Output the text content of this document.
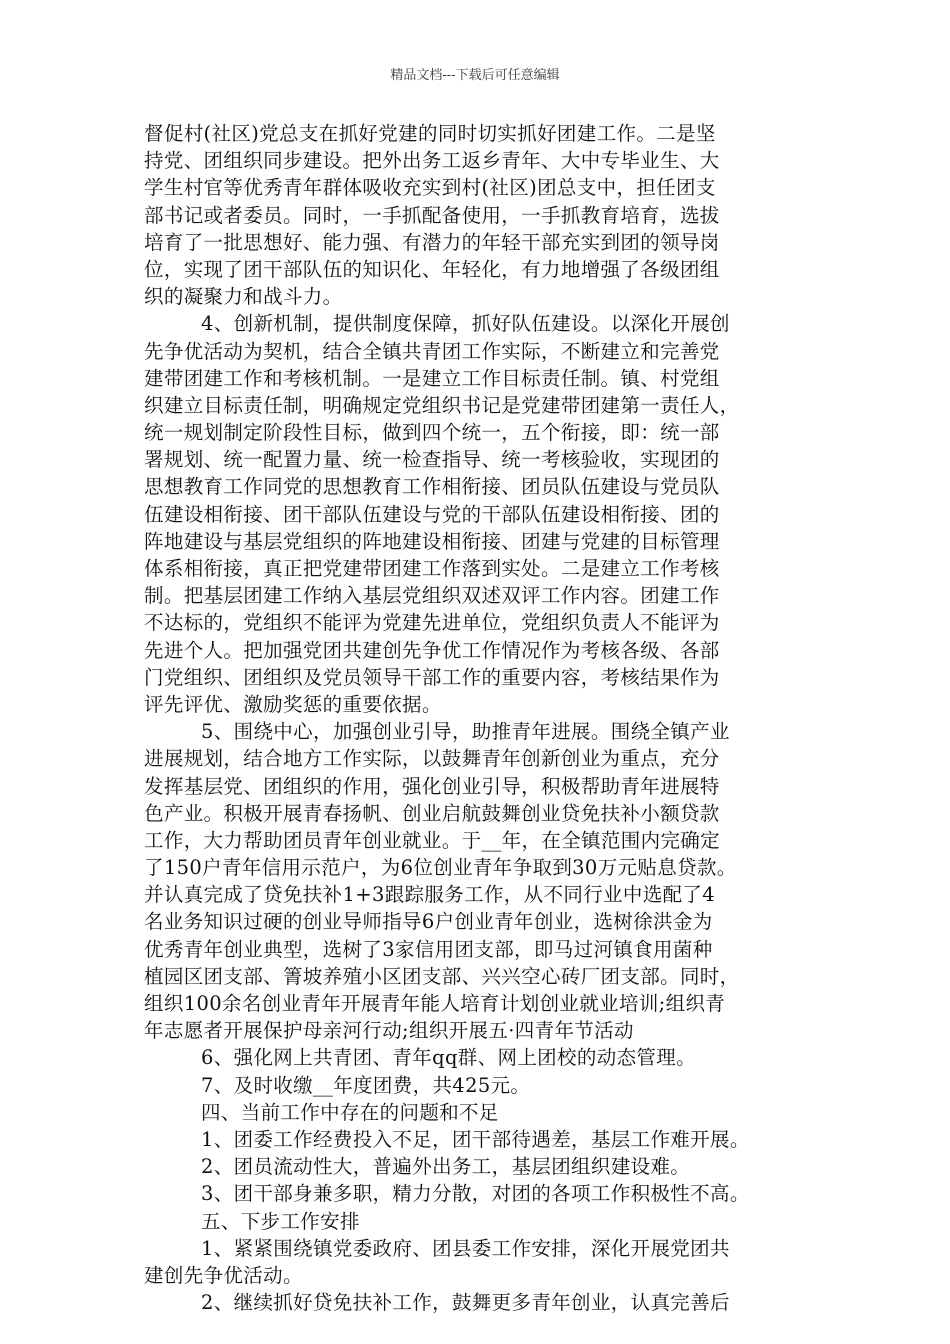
精品文档---下载后可任意编辑
督促村(社区)党总支在抓好党建的同时切实抓好团建工作。二是坚
持党、团组织同步建设。把外出务工返乡青年、大中专毕业生、大
学生村官等优秀青年群体吸收充实到村(社区)团总支中，担任团支
部书记或者委员。同时，一手抓配备使用，一手抓教育培育，选拔
培育了一批思想好、能力强、有潜力的年轻干部充实到团的领导岗
位，实现了团干部队伍的知识化、年轻化，有力地增强了各级团组
织的凝聚力和战斗力。
4、创新机制，提供制度保障，抓好队伍建设。以深化开展创
先争优活动为契机，结合全镇共青团工作实际，不断建立和完善党
建带团建工作和考核机制。一是建立工作目标责任制。镇、村党组
织建立目标责任制，明确规定党组织书记是党建带团建第一责任人，
统一规划制定阶段性目标，做到四个统一，五个衔接，即：统一部
署规划、统一配置力量、统一检查指导、统一考核验收，实现团的
思想教育工作同党的思想教育工作相衔接、团员队伍建设与党员队
伍建设相衔接、团干部队伍建设与党的干部队伍建设相衔接、团的
阵地建设与基层党组织的阵地建设相衔接、团建与党建的目标管理
体系相衔接，真正把党建带团建工作落到实处。二是建立工作考核
制。把基层团建工作纳入基层党组织双述双评工作内容。团建工作
不达标的，党组织不能评为党建先进单位，党组织负责人不能评为
先进个人。把加强党团共建创先争优工作情况作为考核各级、各部
门党组织、团组织及党员领导干部工作的重要内容，考核结果作为
评先评优、激励奖惩的重要依据。
5、围绕中心，加强创业引导，助推青年进展。围绕全镇产业
进展规划，结合地方工作实际，以鼓舞青年创新创业为重点，充分
发挥基层党、团组织的作用，强化创业引导，积极帮助青年进展特
色产业。积极开展青春扬帆、创业启航鼓舞创业贷免扶补小额贷款
工作，大力帮助团员青年创业就业。于__年，在全镇范围内完确定
了150户青年信用示范户，为6位创业青年争取到30万元贴息贷款。
并认真完成了贷免扶补1+3跟踪服务工作，从不同行业中选配了4
名业务知识过硬的创业导师指导6户创业青年创业，选树徐洪金为
优秀青年创业典型，选树了3家信用团支部，即马过河镇食用菌种
植园区团支部、箐坡养殖小区团支部、兴兴空心砖厂团支部。同时，
组织100余名创业青年开展青年能人培育计划创业就业培训;组织青
年志愿者开展保护母亲河行动;组织开展五·四青年节活动
6、强化网上共青团、青年qq群、网上团校的动态管理。
7、及时收缴__年度团费，共425元。
四、当前工作中存在的问题和不足
1、团委工作经费投入不足，团干部待遇差，基层工作难开展。
2、团员流动性大，普遍外出务工，基层团组织建设难。
3、团干部身兼多职，精力分散，对团的各项工作积极性不高。
五、下步工作安排
1、紧紧围绕镇党委政府、团县委工作安排，深化开展党团共
建创先争优活动。
2、继续抓好贷免扶补工作，鼓舞更多青年创业，认真完善后
